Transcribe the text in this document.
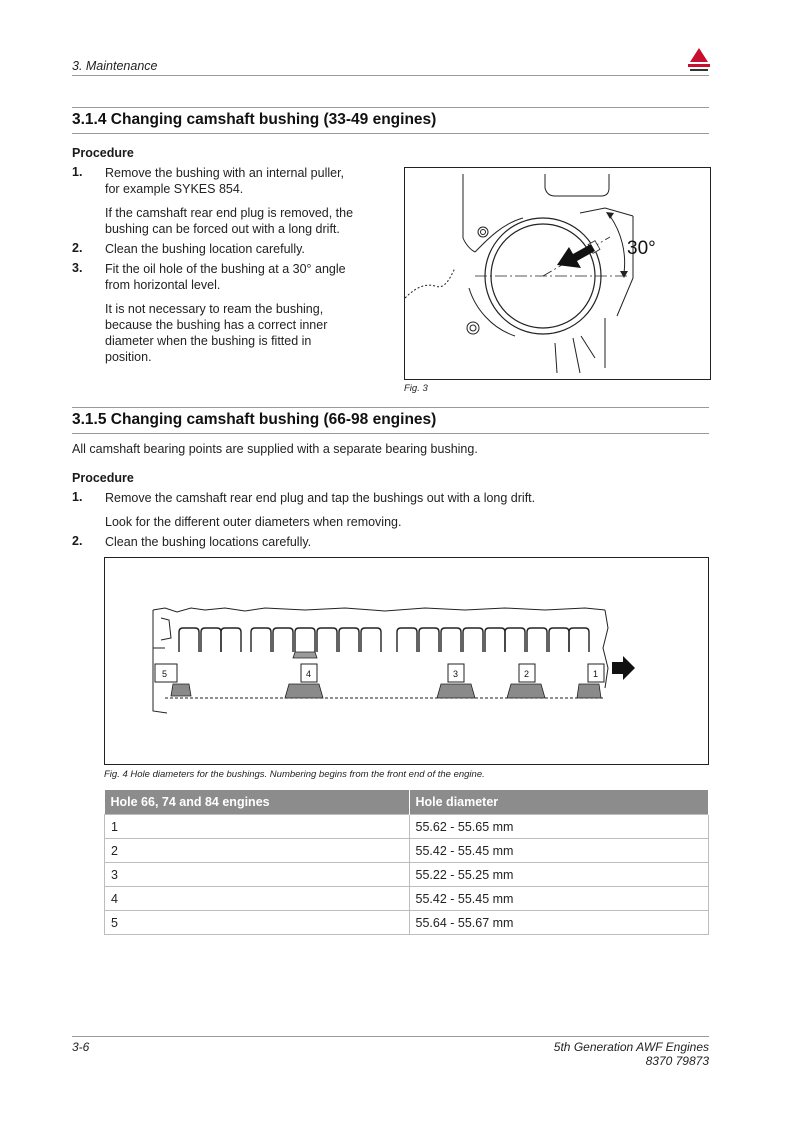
3. Maintenance
3.1.4 Changing camshaft bushing (33-49 engines)
Procedure
1. Remove the bushing with an internal puller,
for example SYKES 854.
If the camshaft rear end plug is removed, the
bushing can be forced out with a long drift.
2. Clean the bushing location carefully.
3. Fit the oil hole of the bushing at a 30° angle
from horizontal level.
It is not necessary to ream the bushing,
because the bushing has a correct inner
diameter when the bushing is fitted in
position.
30°
Fig. 3
3.1.5 Changing camshaft bushing (66-98 engines)
All camshaft bearing points are supplied with a separate bearing bushing.
Procedure
1. Remove the camshaft rear end plug and tap the bushings out with a long drift.
Look for the different outer diameters when removing.
2. Clean the bushing locations carefully.
5	4	3	2	1
Fig. 4 Hole diameters for the bushings. Numbering begins from the front end of the engine.
Hole 66, 74 and 84 engines	Hole diameter
1	55.62 - 55.65 mm
2	55.42 - 55.45 mm
3	55.22 - 55.25 mm
4	55.42 - 55.45 mm
5	55.64 - 55.67 mm
3-6	5th Generation AWF Engines
8370 79873
